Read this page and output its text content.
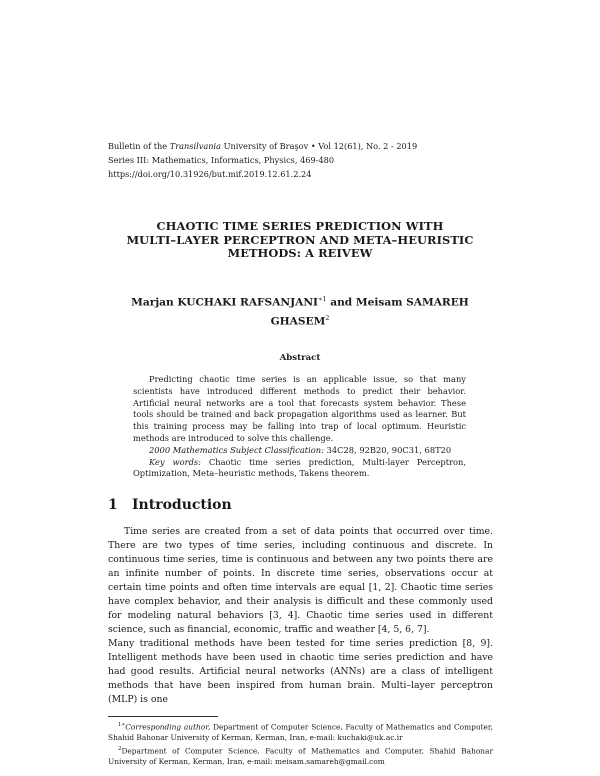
Bulletin of the Transilvania University of Braşov • Vol 12(61), No. 2 - 2019
Series III: Mathematics, Informatics, Physics, 469-480
https://doi.org/10.31926/but.mif.2019.12.61.2.24
CHAOTIC TIME SERIES PREDICTION WITH
MULTI–LAYER PERCEPTRON AND META–HEURISTIC
METHODS: A REIVEW
Marjan KUCHAKI $RAFSANJANI^{∗1}$ and Meisam SAMAREH
GHASEM$^2$
Abstract

Predicting chaotic time series is an applicable issue, so that many scientists have introduced different methods to predict their behavior. Artificial neural networks are a tool that forecasts system behavior. These tools should be trained and back propagation algorithms used as learner. But this training process may be falling into trap of local optimum. Heuristic methods are introduced to solve this challenge.

2000 Mathematics Subject Classification: 34C28, 92B20, 90C31, 68T20

Key words: Chaotic time series prediction, Multi-layer Perceptron, Optimization, Meta–heuristic methods, Takens theorem.

1 Introduction

Time series are created from a set of data points that occurred over time. There are two types of time series, including continuous and discrete. In continuous time series, time is continuous and between any two points there are an infinite number of points. In discrete time series, observations occur at certain time points and often time intervals are equal [1, 2]. Chaotic time series have complex behavior, and their analysis is difficult and these commonly used for modeling natural behaviors [3, 4]. Chaotic time series used in different science, such as financial, economic, traffic and weather [4, 5, 6, 7].

Many traditional methods have been tested for time series prediction [8, 9]. Intelligent methods have been used in chaotic time series prediction and have had good results. Artificial neural networks (ANNs) are a class of intelligent methods that have been inspired from human brain. Multi–layer perceptron (MLP) is one

$^{1∗}$Corresponding author, Department of Computer Science, Faculty of Mathematics and Computer, Shahid Bahonar University of Kerman, Kerman, Iran, e-mail: kuchaki@uk.ac.ir

$^2$Department of Computer Science, Faculty of Mathematics and Computer, Shahid Bahonar University of Kerman, Kerman, Iran, e-mail: meisam.samareh@gmail.com
